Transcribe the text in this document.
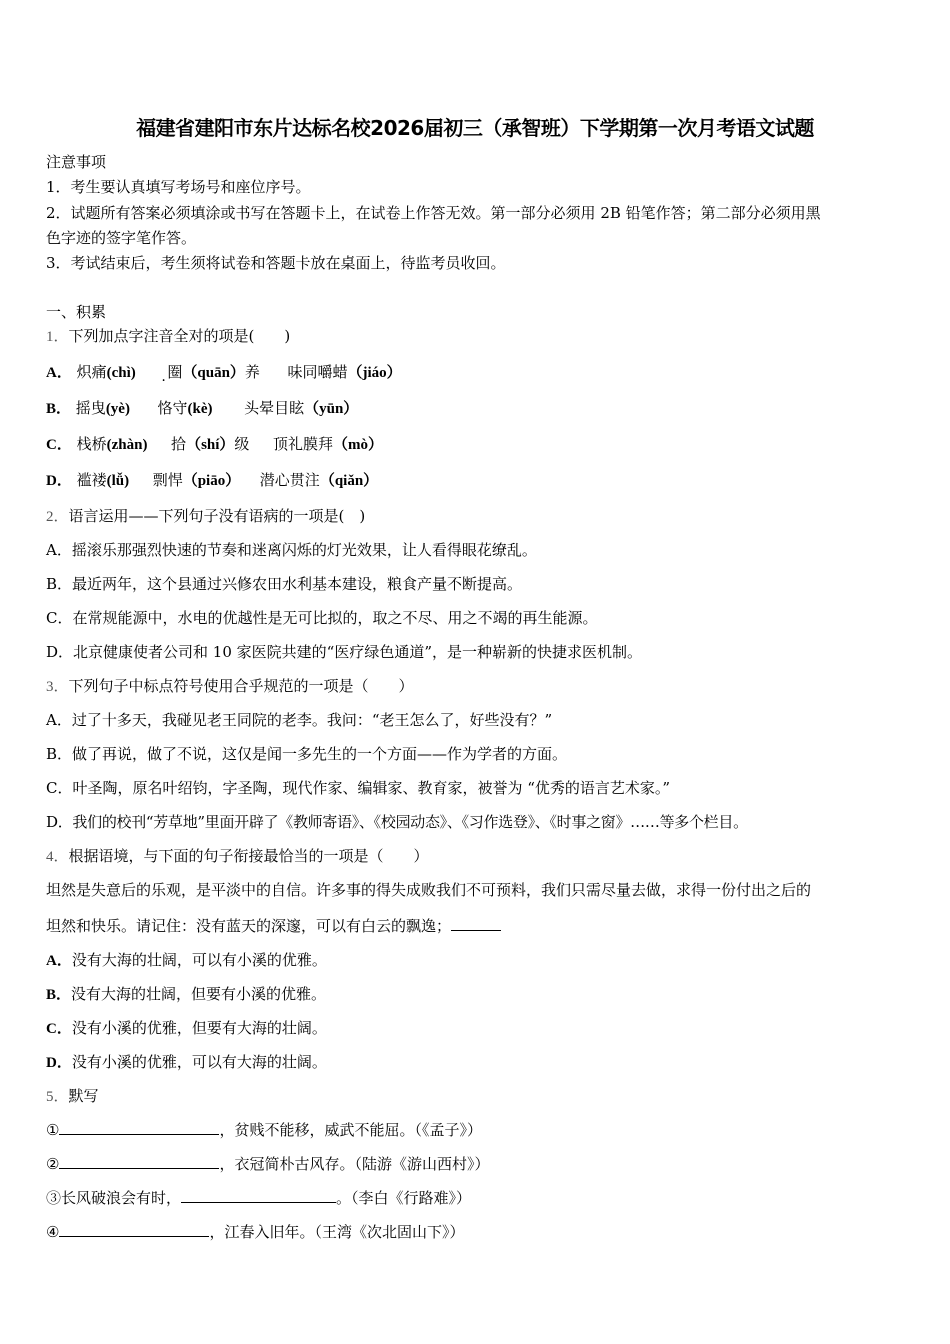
福建省建阳市东片达标名校2026届初三（承智班）下学期第一次月考语文试题
注意事项
1．考生要认真填写考场号和座位序号。
2．试题所有答案必须填涂或书写在答题卡上，在试卷上作答无效。第一部分必须用 2B 铅笔作答；第二部分必须用黑
色字迹的签字笔作答。
3．考试结束后，考生须将试卷和答题卡放在桌面上，待监考员收回。
一、积累
1．下列加点字注音全对的项是(　　)
A． 炽痛(chì) . 圈（quān）养 味同嚼蜡（jiáo）
B． 摇曳(yè) 恪守(kè) 头晕目眩（yūn）
C． 栈桥(zhàn) 拾（shí）级 顶礼膜拜（mò）
D． 褴褛(lǚ) 剽悍（piāo） 潜心贯注（qiǎn）
2．语言运用——下列句子没有语病的一项是(　)
A．摇滚乐那强烈快速的节奏和迷离闪烁的灯光效果，让人看得眼花缭乱。
B．最近两年，这个县通过兴修农田水利基本建设，粮食产量不断提高。
C．在常规能源中，水电的优越性是无可比拟的，取之不尽、用之不竭的再生能源。
D．北京健康使者公司和 10 家医院共建的“医疗绿色通道”，是一种崭新的快捷求医机制。
3．下列句子中标点符号使用合乎规范的一项是（　　）
A．过了十多天，我碰见老王同院的老李。我问：“老王怎么了，好些没有？”
B．做了再说，做了不说，这仅是闻一多先生的一个方面——作为学者的方面。
C．叶圣陶，原名叶绍钧，字圣陶，现代作家、编辑家、教育家，被誉为 “优秀的语言艺术家。”
D．我们的校刊“芳草地”里面开辟了《教师寄语》、《校园动态》、《习作选登》、《时事之窗》……等多个栏目。
4．根据语境，与下面的句子衔接最恰当的一项是（　　）
坦然是失意后的乐观，是平淡中的自信。许多事的得失成败我们不可预料，我们只需尽量去做，求得一份付出之后的
坦然和快乐。请记住：没有蓝天的深邃，可以有白云的飘逸；
A．没有大海的壮阔，可以有小溪的优雅。
B．没有大海的壮阔，但要有小溪的优雅。
C．没有小溪的优雅，但要有大海的壮阔。
D．没有小溪的优雅，可以有大海的壮阔。
5．默写
①	，贫贱不能移，威武不能屈。（《孟子》）
②	，衣冠简朴古风存。（陆游《游山西村》）
③长风破浪会有时，	。（李白《行路难》）
④	，江春入旧年。（王湾《次北固山下》）
